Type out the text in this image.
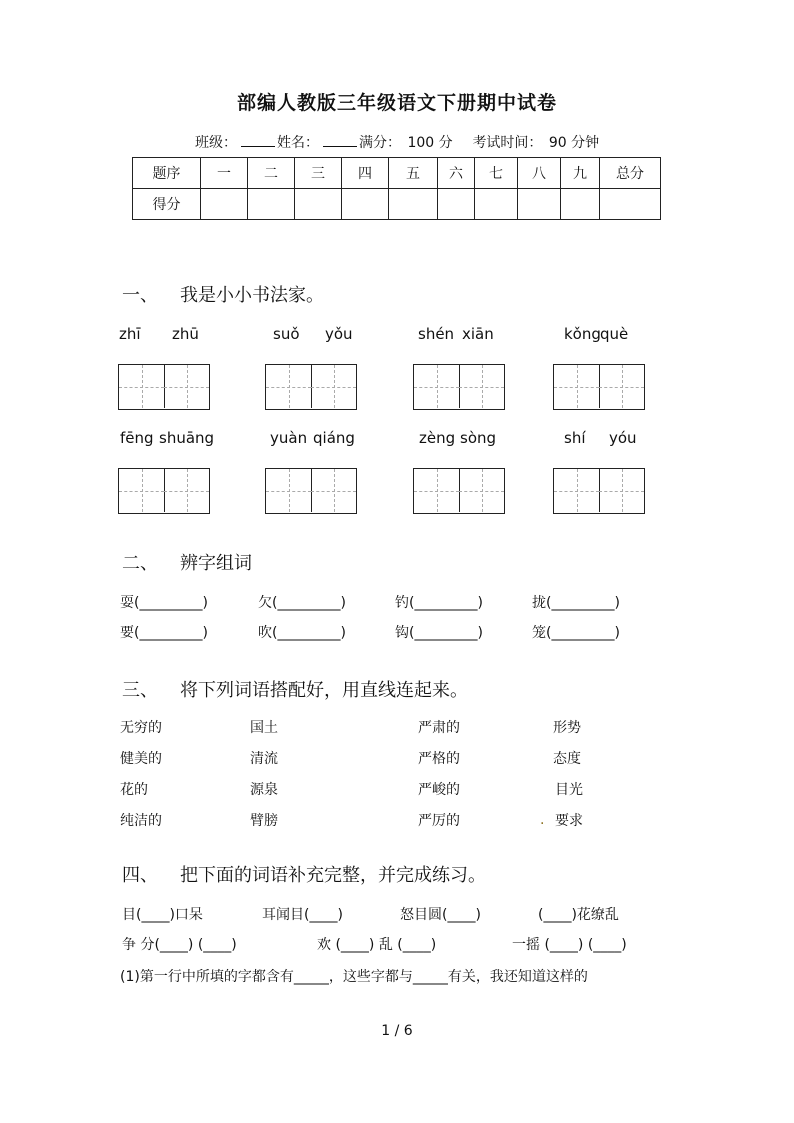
部编人教版三年级语文下册期中试卷
班级：	姓名：	满分： 100 分 考试时间： 90 分钟
题序	一	二	三	四	五	六	七	八	九	总分
得分										
一、 我是小小书法家。
zhī zhū	suǒ yǒu	shén xiān	kǒng què
fēng shuāng	yuàn qiáng	zèng sòng	shí yóu
二、 辨字组词
耍(_________)	欠(_________)	钓(_________)	拢(_________)
要(_________)	吹(_________)	钩(_________)	笼(_________)
三、 将下列词语搭配好，用直线连起来。
无穷的	国土	严肃的	形势
健美的	清流	严格的	态度
花的	源泉	严峻的	目光
纯洁的	臂膀	严厉的	. 要求
四、 把下面的词语补充完整，并完成练习。
目(____)口呆	耳闻目(____)	怒目圆(____)	(____)花缭乱
争 分(____) (____)	欢 (____) 乱 (____)	一摇 (____) (____)
(1)第一行中所填的字都含有_____，这些字都与_____有关，我还知道这样的
1 / 6
